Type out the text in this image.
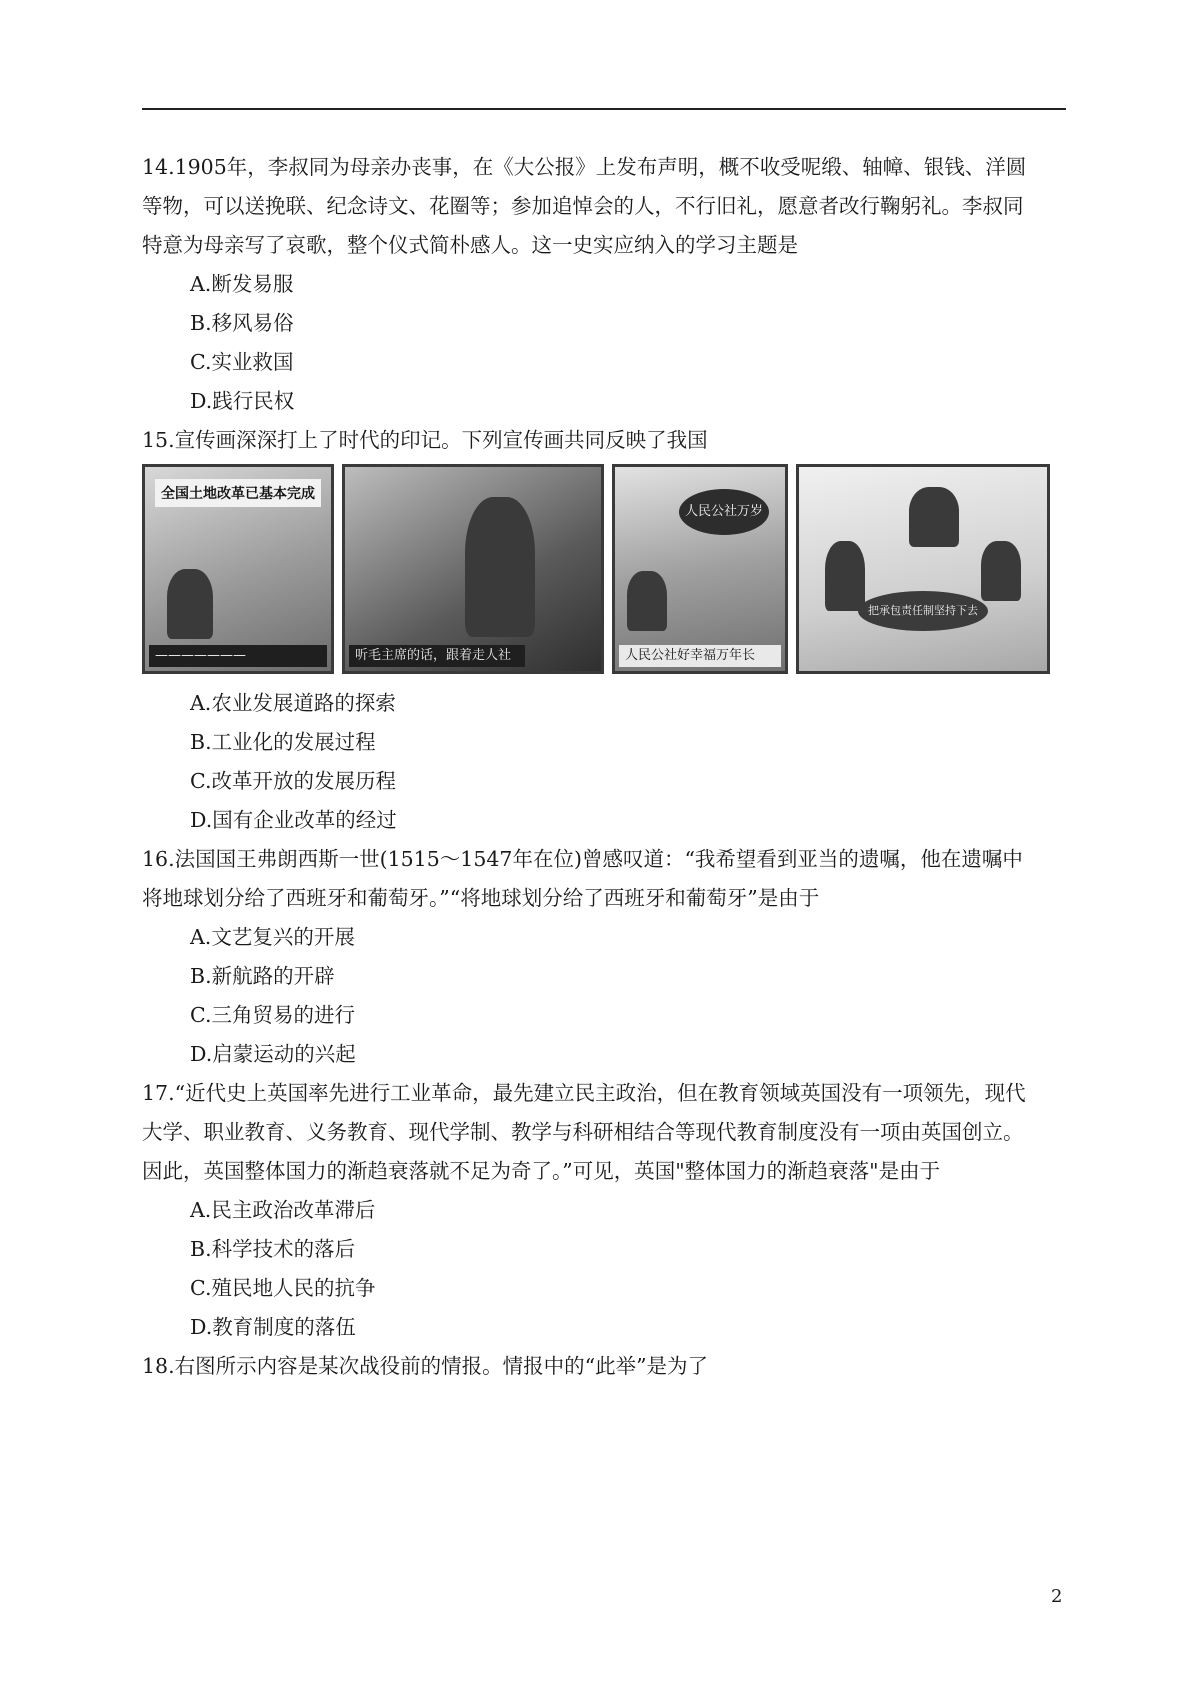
14.1905年，李叔同为母亲办丧事，在《大公报》上发布声明，概不收受呢缎、轴幛、银钱、洋圆

等物，可以送挽联、纪念诗文、花圈等；参加追悼会的人，不行旧礼，愿意者改行鞠躬礼。李叔同

特意为母亲写了哀歌，整个仪式简朴感人。这一史实应纳入的学习主题是

A.断发易服

B.移风易俗

C.实业救国

D.践行民权

15.宣传画深深打上了时代的印记。下列宣传画共同反映了我国

全国土地改革已基本完成
———————	听毛主席的话，跟着走人社
人民公社万岁
人民公社好幸福万年长
把承包责任制坚持下去

A.农业发展道路的探索

B.工业化的发展过程

C.改革开放的发展历程

D.国有企业改革的经过

16.法国国王弗朗西斯一世(1515～1547年在位)曾感叹道：“我希望看到亚当的遗嘱，他在遗嘱中

将地球划分给了西班牙和葡萄牙。”“将地球划分给了西班牙和葡萄牙”是由于

A.文艺复兴的开展

B.新航路的开辟

C.三角贸易的进行

D.启蒙运动的兴起

17.“近代史上英国率先进行工业革命，最先建立民主政治，但在教育领域英国没有一项领先，现代

大学、职业教育、义务教育、现代学制、教学与科研相结合等现代教育制度没有一项由英国创立。

因此，英国整体国力的渐趋衰落就不足为奇了。”可见，英国"整体国力的渐趋衰落"是由于

A.民主政治改革滞后

B.科学技术的落后

C.殖民地人民的抗争

D.教育制度的落伍

18.右图所示内容是某次战役前的情报。情报中的“此举”是为了

2
